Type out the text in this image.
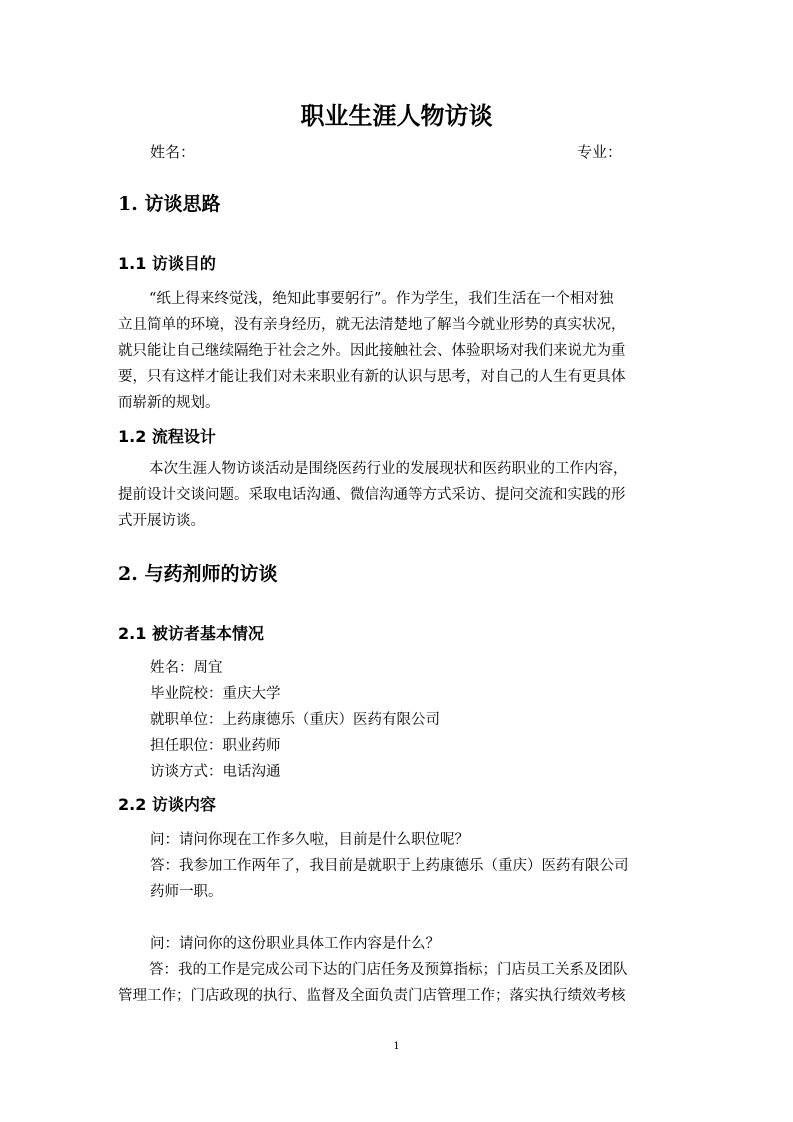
职业生涯人物访谈
姓名：	专业：
1. 访谈思路
1.1 访谈目的
“纸上得来终觉浅，绝知此事要躬行”。作为学生，我们生活在一个相对独
立且简单的环境，没有亲身经历，就无法清楚地了解当今就业形势的真实状况，
就只能让自己继续隔绝于社会之外。因此接触社会、体验职场对我们来说尤为重
要，只有这样才能让我们对未来职业有新的认识与思考，对自己的人生有更具体
而崭新的规划。
1.2 流程设计
本次生涯人物访谈活动是围绕医药行业的发展现状和医药职业的工作内容，
提前设计交谈问题。采取电话沟通、微信沟通等方式采访、提问交流和实践的形
式开展访谈。
2. 与药剂师的访谈
2.1 被访者基本情况
姓名：周宜
毕业院校：重庆大学
就职单位：上药康德乐（重庆）医药有限公司
担任职位：职业药师
访谈方式：电话沟通
2.2 访谈内容
问：请问你现在工作多久啦，目前是什么职位呢？
答：我参加工作两年了，我目前是就职于上药康德乐（重庆）医药有限公司
药师一职。
问：请问你的这份职业具体工作内容是什么？
答：我的工作是完成公司下达的门店任务及预算指标；门店员工关系及团队
管理工作；门店政现的执行、监督及全面负责门店管理工作；落实执行绩效考核
1
